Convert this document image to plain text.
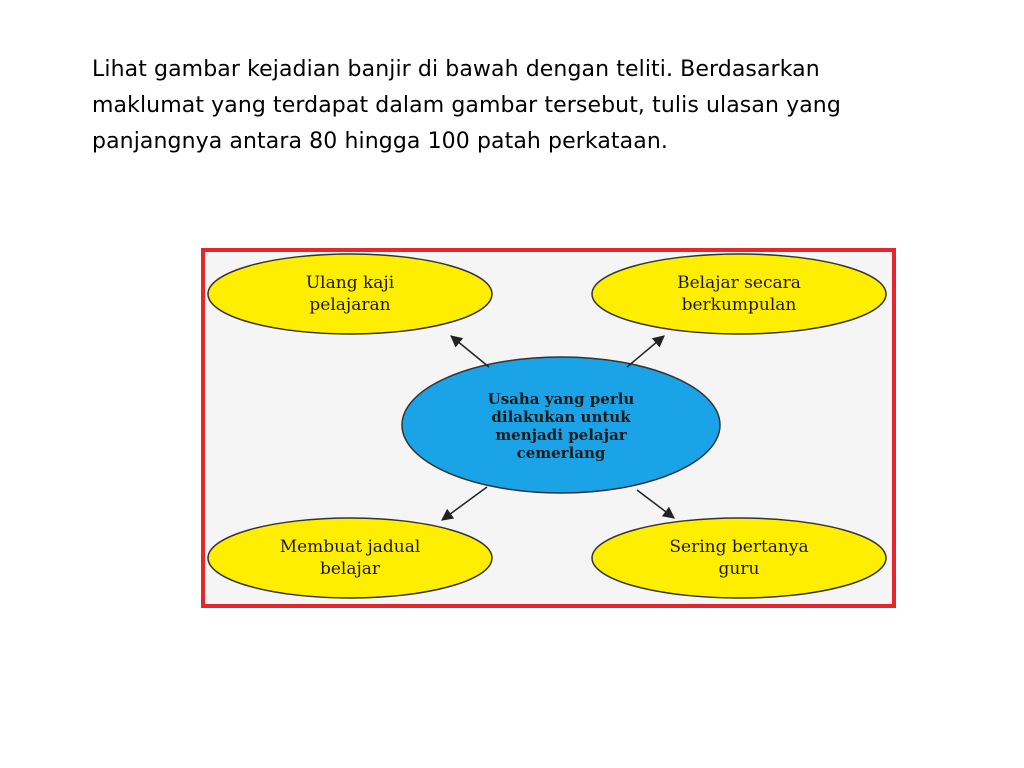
Lihat gambar kejadian banjir di bawah dengan teliti. Berdasarkan
maklumat yang terdapat dalam gambar tersebut, tulis ulasan yang
panjangnya antara 80 hingga 100 patah perkataan.

Ulang kaji
pelajaran
Belajar secara
berkumpulan
Usaha yang perlu
dilakukan untuk
menjadi pelajar
cemerlang
Membuat jadual
belajar
Sering bertanya
guru
